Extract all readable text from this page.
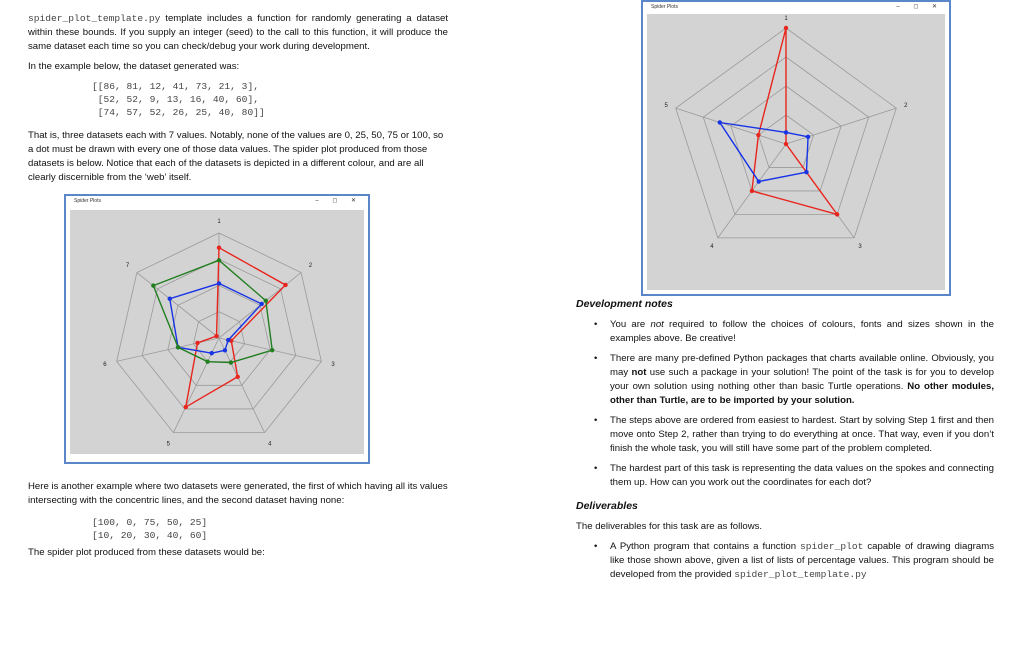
spider_plot_template.py template includes a function for randomly generating a dataset within these bounds. If you supply an integer (seed) to the call to this function, it will produce the same dataset each time so you can check/debug your work during development.

In the example below, the dataset generated was:

[[86, 81, 12, 41, 73, 21, 3],
[52, 52, 9, 13, 16, 40, 60],
[74, 57, 52, 26, 25, 40, 80]]

That is, three datasets each with 7 values. Notably, none of the values are 0, 25, 50, 75 or 100, so a dot must be drawn with every one of those data values. The spider plot produced from those datasets is below. Notice that each of the datasets is depicted in a different colour, and are all clearly discernible from the ‘web’ itself.

Spider Plots	– ◻ ✕
1
2
3
4
5
6
7

Here is another example where two datasets were generated, the first of which having all its values intersecting with the concentric lines, and the second dataset having none:

[100, 0, 75, 50, 25]
[10, 20, 30, 40, 60]

The spider plot produced from these datasets would be:

Spider Plots	– ◻ ✕
1
2
3
4
5

Development notes

• You are not required to follow the choices of colours, fonts and sizes shown in the examples above. Be creative!
• There are many pre-defined Python packages that charts available online. Obviously, you may not use such a package in your solution! The point of the task is for you to develop your own solution using nothing other than basic Turtle operations. No other modules, other than Turtle, are to be imported by your solution.
• The steps above are ordered from easiest to hardest. Start by solving Step 1 first and then move onto Step 2, rather than trying to do everything at once. That way, even if you don’t finish the whole task, you will still have some part of the problem completed.
• The hardest part of this task is representing the data values on the spokes and connecting them up. How can you work out the coordinates for each dot?

Deliverables

The deliverables for this task are as follows.

• A Python program that contains a function spider_plot capable of drawing diagrams like those shown above, given a list of lists of percentage values. This program should be developed from the provided spider_plot_template.py
